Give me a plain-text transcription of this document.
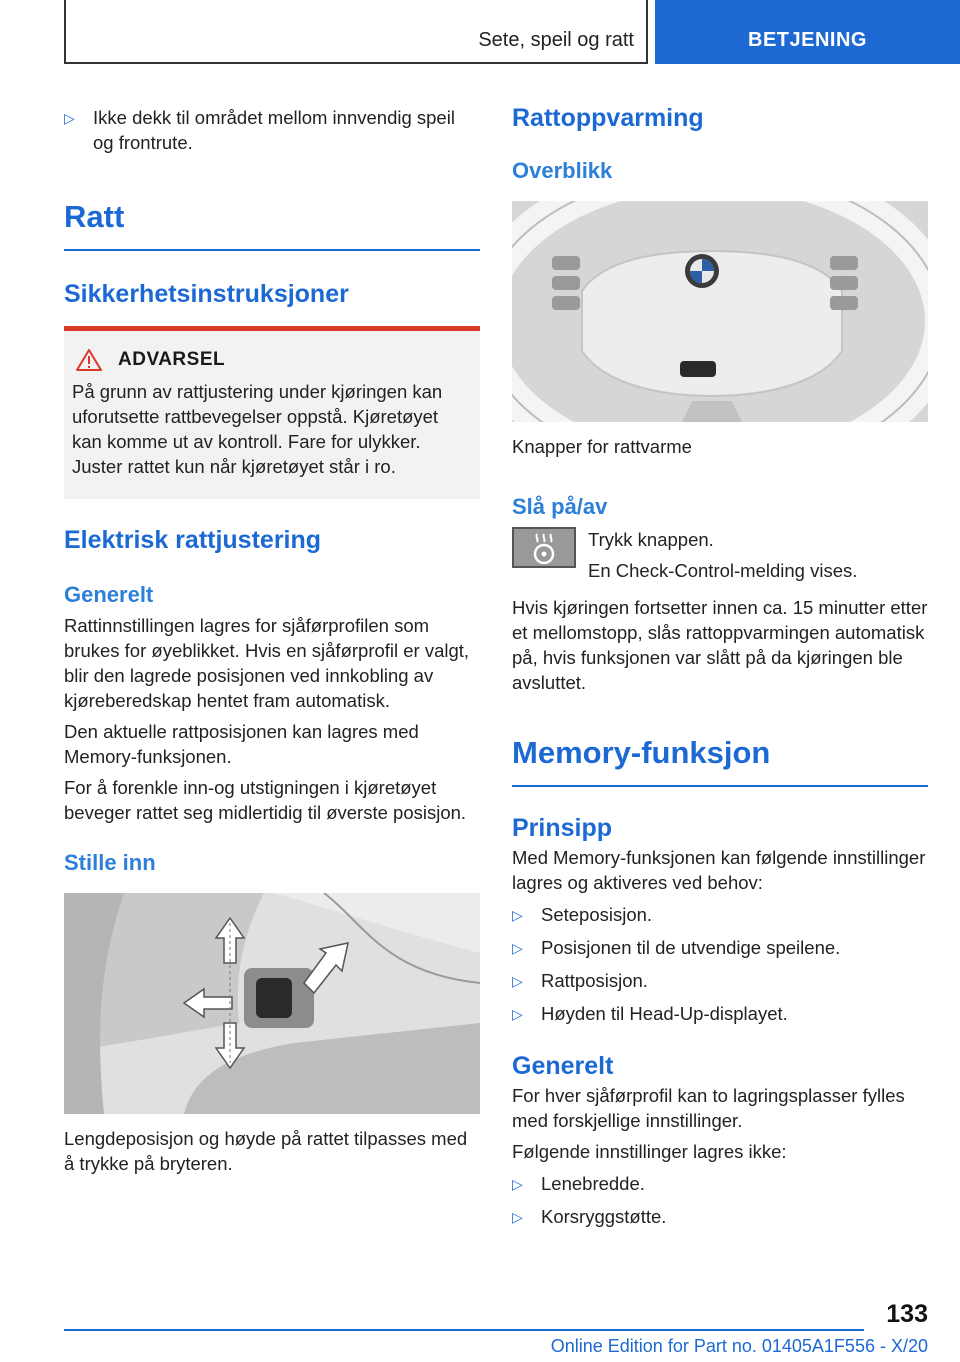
Sete, speil og ratt	BETJENING
▷ Ikke dekk til området mellom innvendig speil og frontrute.
Ratt
Sikkerhetsinstruksjoner
ADVARSEL

På grunn av rattjustering under kjøringen kan uforutsette rattbevegelser oppstå. Kjøretøyet kan komme ut av kontroll. Fare for ulykker. Juster rattet kun når kjøretøyet står i ro.

Elektrisk rattjustering
Generelt

Rattinnstillingen lagres for sjåførprofilen som brukes for øyeblikket. Hvis en sjåførprofil er valgt, blir den lagrede posisjonen ved innkobling av kjøreberedskap hentet fram automatisk.

Den aktuelle rattposisjonen kan lagres med Memory-funksjonen.

For å forenkle inn-og utstigningen i kjøretøyet beveger rattet seg midlertidig til øverste posisjon.

Stille inn

Lengdeposisjon og høyde på rattet tilpasses med å trykke på bryteren.

Rattoppvarming
Overblikk

Knapper for rattvarme

Slå på/av

Trykk knappen.

En Check-Control-melding vises.

Hvis kjøringen fortsetter innen ca. 15 minutter etter et mellomstopp, slås rattoppvarmingen automatisk på, hvis funksjonen var slått på da kjøringen ble avsluttet.

Memory-funksjon
Prinsipp

Med Memory-funksjonen kan følgende innstillinger lagres og aktiveres ved behov:

▷ Seteposisjon.
▷ Posisjonen til de utvendige speilene.
▷ Rattposisjon.
▷ Høyden til Head-Up-displayet.
Generelt

For hver sjåførprofil kan to lagringsplasser fylles med forskjellige innstillinger.

Følgende innstillinger lagres ikke:

▷ Lenebredde.
▷ Korsryggstøtte.
133
Online Edition for Part no. 01405A1F556 - X/20
